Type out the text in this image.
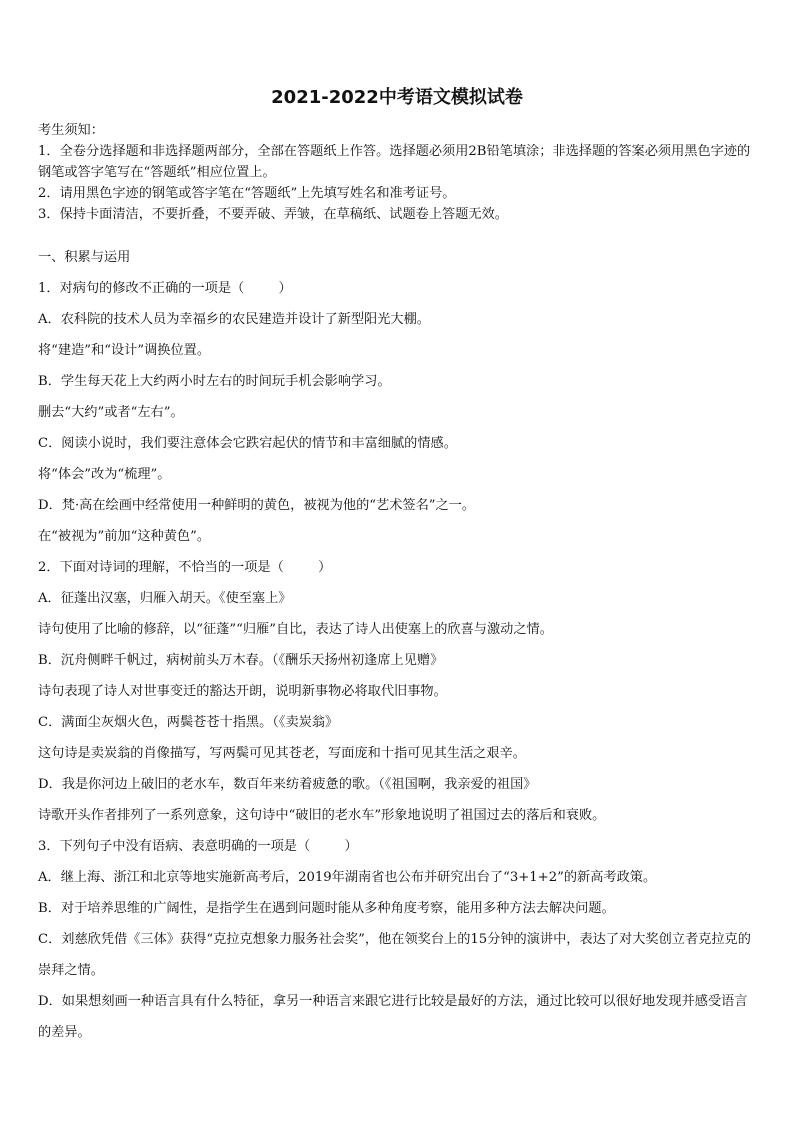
2021-2022中考语文模拟试卷

考生须知：

1．全卷分选择题和非选择题两部分，全部在答题纸上作答。选择题必须用2B铅笔填涂；非选择题的答案必须用黑色字迹的钢笔或答字笔写在“答题纸”相应位置上。

2．请用黑色字迹的钢笔或答字笔在“答题纸”上先填写姓名和准考证号。

3．保持卡面清洁，不要折叠，不要弄破、弄皱，在草稿纸、试题卷上答题无效。

一、积累与运用

1．对病句的修改不正确的一项是（	）

A．农科院的技术人员为幸福乡的农民建造并设计了新型阳光大棚。

将“建造”和“设计”调换位置。

B．学生每天花上大约两小时左右的时间玩手机会影响学习。

删去“大约”或者“左右”。

C．阅读小说时，我们要注意体会它跌宕起伏的情节和丰富细腻的情感。

将“体会”改为“梳理”。

D．梵·高在绘画中经常使用一种鲜明的黄色，被视为他的“艺术签名”之一。

在“被视为”前加“这种黄色”。

2．下面对诗词的理解，不恰当的一项是（	）

A．征蓬出汉塞，归雁入胡天。《使至塞上》

诗句使用了比喻的修辞，以“征蓬”“归雁”自比，表达了诗人出使塞上的欣喜与激动之情。

B．沉舟侧畔千帆过，病树前头万木春。（《酬乐天扬州初逢席上见赠》

诗句表现了诗人对世事变迁的豁达开朗，说明新事物必将取代旧事物。

C．满面尘灰烟火色，两鬓苍苍十指黑。（《卖炭翁》

这句诗是卖炭翁的肖像描写，写两鬓可见其苍老，写面庞和十指可见其生活之艰辛。

D．我是你河边上破旧的老水车，数百年来纺着疲惫的歌。（《祖国啊，我亲爱的祖国》

诗歌开头作者排列了一系列意象，这句诗中“破旧的老水车”形象地说明了祖国过去的落后和衰败。

3．下列句子中没有语病、表意明确的一项是（	）

A．继上海、浙江和北京等地实施新高考后，2019年湖南省也公布并研究出台了“3+1+2”的新高考政策。

B．对于培养思维的广阔性，是指学生在遇到问题时能从多种角度考察，能用多种方法去解决问题。

C．刘慈欣凭借《三体》获得“克拉克想象力服务社会奖”，他在领奖台上的15分钟的演讲中，表达了对大奖创立者克拉克的崇拜之情。

D．如果想刻画一种语言具有什么特征，拿另一种语言来跟它进行比较是最好的方法，通过比较可以很好地发现并感受语言的差异。
